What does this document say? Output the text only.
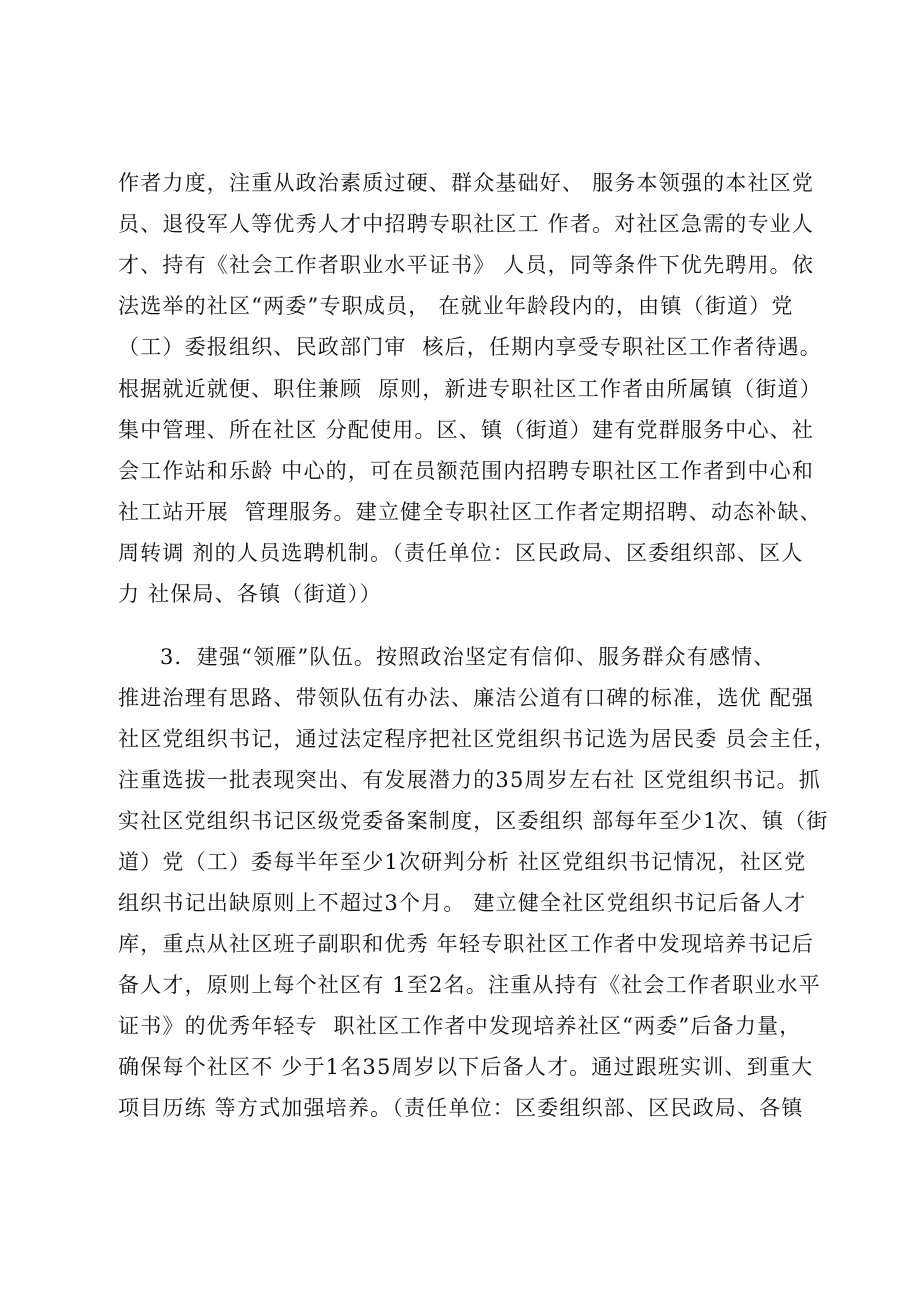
作者力度，注重从政治素质过硬、群众基础好、 服务本领强的本社区党
员、退役军人等优秀人才中招聘专职社区工 作者。对社区急需的专业人
才、持有《社会工作者职业水平证书》 人员，同等条件下优先聘用。依
法选举的社区“两委”专职成员， 在就业年龄段内的，由镇（街道）党
（工）委报组织、民政部门审  核后，任期内享受专职社区工作者待遇。
根据就近就便、职住兼顾  原则，新进专职社区工作者由所属镇（街道）
集中管理、所在社区 分配使用。区、镇（街道）建有党群服务中心、社
会工作站和乐龄 中心的，可在员额范围内招聘专职社区工作者到中心和
社工站开展  管理服务。建立健全专职社区工作者定期招聘、动态补缺、
周转调 剂的人员选聘机制。（责任单位：区民政局、区委组织部、区人
力 社保局、各镇（街道））
3．建强“领雁”队伍。按照政治坚定有信仰、服务群众有感情、
推进治理有思路、带领队伍有办法、廉洁公道有口碑的标准，选优 配强
社区党组织书记，通过法定程序把社区党组织书记选为居民委 员会主任，
注重选拔一批表现突出、有发展潜力的35周岁左右社 区党组织书记。抓
实社区党组织书记区级党委备案制度，区委组织 部每年至少1次、镇（街
道）党（工）委每半年至少1次研判分析 社区党组织书记情况，社区党
组织书记出缺原则上不超过3个月。 建立健全社区党组织书记后备人才
库，重点从社区班子副职和优秀 年轻专职社区工作者中发现培养书记后
备人才，原则上每个社区有 1至2名。注重从持有《社会工作者职业水平
证书》的优秀年轻专  职社区工作者中发现培养社区“两委”后备力量，
确保每个社区不 少于1名35周岁以下后备人才。通过跟班实训、到重大
项目历练 等方式加强培养。（责任单位：区委组织部、区民政局、各镇
